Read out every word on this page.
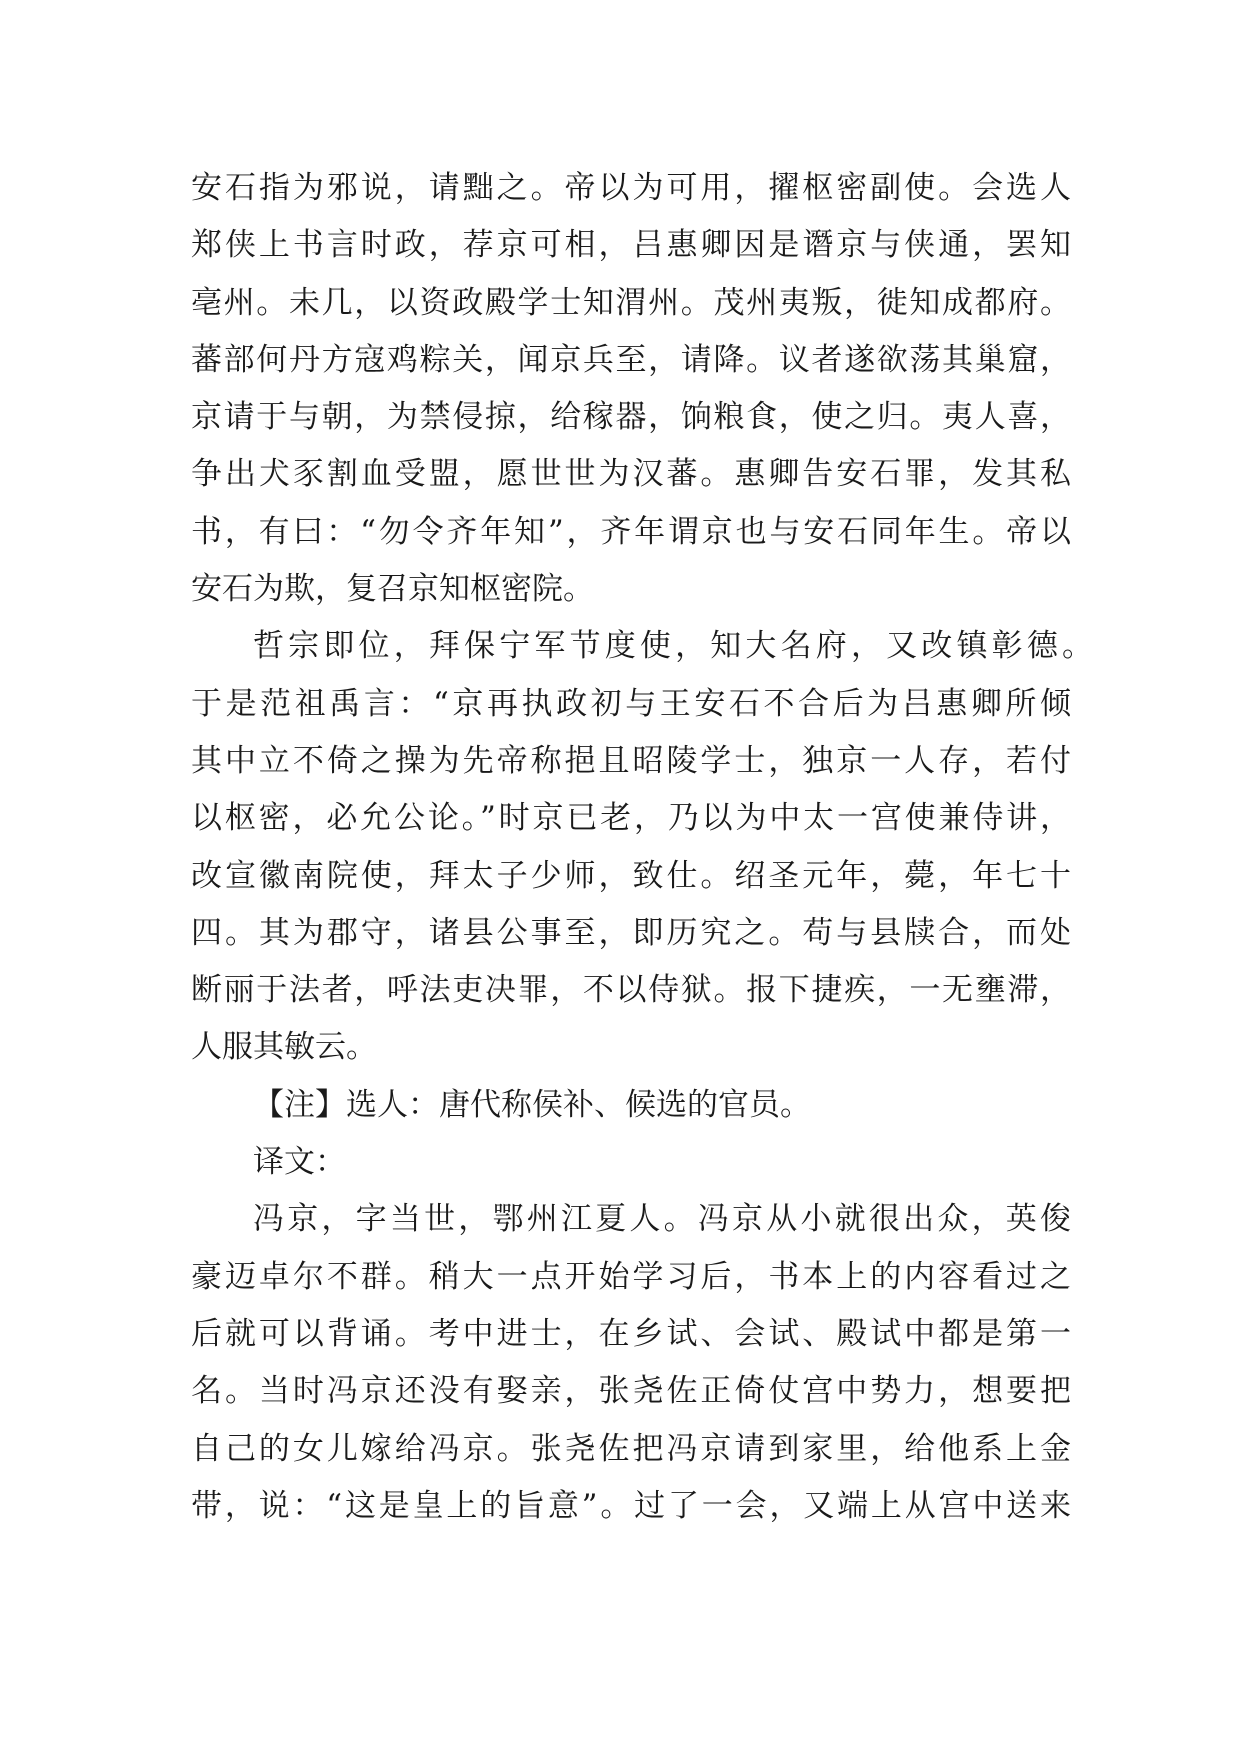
安石指为邪说，请黜之。帝以为可用，擢枢密副使。会选人
郑侠上书言时政，荐京可相，吕惠卿因是谮京与侠通，罢知
亳州。未几，以资政殿学士知渭州。茂州夷叛，徙知成都府。
蕃部何丹方寇鸡粽关，闻京兵至，请降。议者遂欲荡其巢窟，
京请于与朝，为禁侵掠，给稼器，饷粮食，使之归。夷人喜，
争出犬豕割血受盟，愿世世为汉蕃。惠卿告安石罪，发其私
书，有曰：“勿令齐年知”，齐年谓京也与安石同年生。帝以
安石为欺，复召京知枢密院。
哲宗即位，拜保宁军节度使，知大名府，又改镇彰德。
于是范祖禹言：“京再执政初与王安石不合后为吕惠卿所倾
其中立不倚之操为先帝称挹且昭陵学士，独京一人存，若付
以枢密，必允公论。”时京已老，乃以为中太一宫使兼侍讲，
改宣徽南院使，拜太子少师，致仕。绍圣元年，薨，年七十
四。其为郡守，诸县公事至，即历究之。苟与县牍合，而处
断丽于法者，呼法吏决罪，不以侍狱。报下捷疾，一无壅滞，
人服其敏云。
【注】选人：唐代称侯补、候选的官员。
译文：
冯京，字当世，鄂州江夏人。冯京从小就很出众，英俊
豪迈卓尔不群。稍大一点开始学习后，书本上的内容看过之
后就可以背诵。考中进士，在乡试、会试、殿试中都是第一
名。当时冯京还没有娶亲，张尧佐正倚仗宫中势力，想要把
自己的女儿嫁给冯京。张尧佐把冯京请到家里，给他系上金
带，说：“这是皇上的旨意”。过了一会，又端上从宫中送来
